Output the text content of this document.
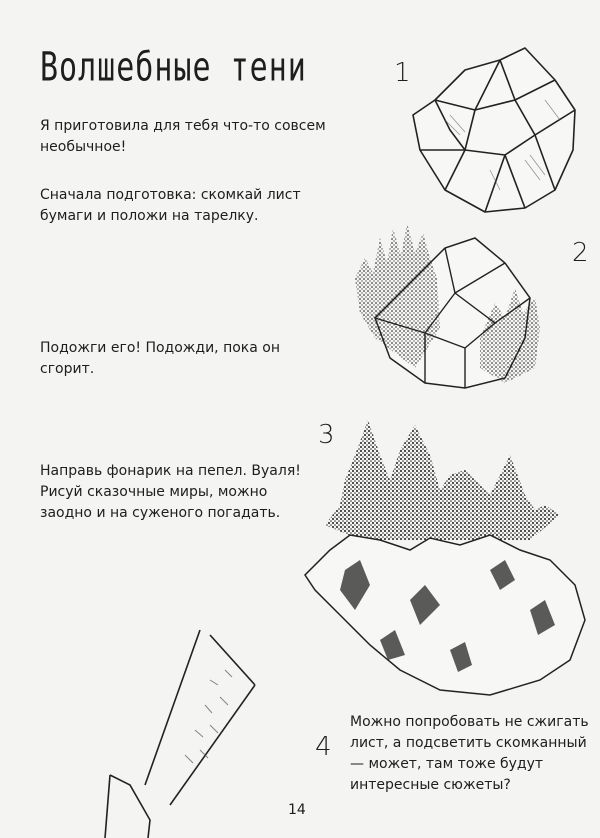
Волшебные тени

Я приготовила для тебя что-то совсем необычное!

Сначала подготовка: скомкай лист бумаги и положи на тарелку.

Подожги его! Подожди, пока он сгорит.

Направь фонарик на пепел. Вуаля! Рисуй сказочные миры, можно заодно и на суженого погадать.

Можно попробовать не сжигать лист, а подсветить скомканный — может, там тоже будут интересные сюжеты?

1
2
3
4
14
